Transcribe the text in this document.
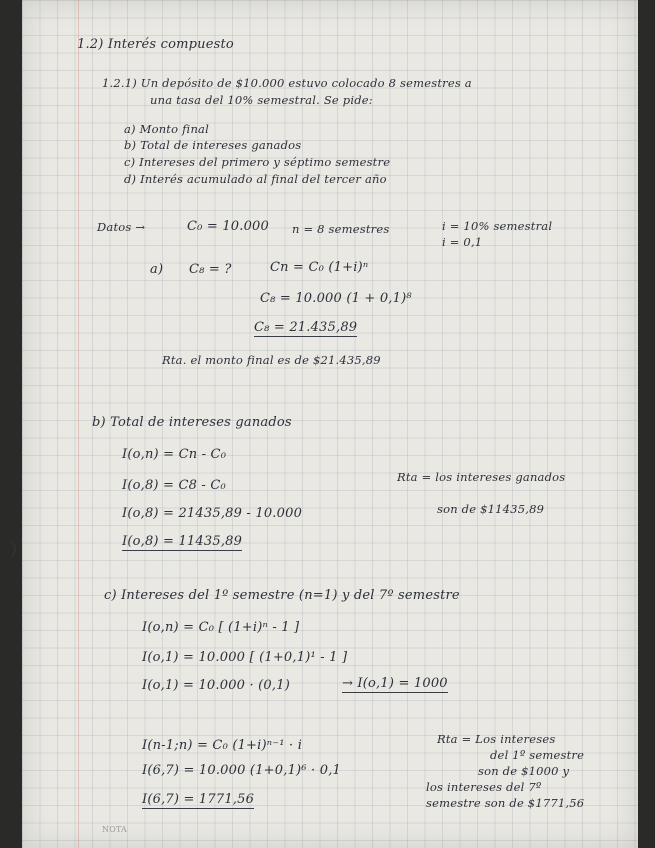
1.2) Interés compuesto
1.2.1) Un depósito de $10.000 estuvo colocado 8 semestres a
una tasa del 10% semestral. Se pide:
a) Monto final
b) Total de intereses ganados
c) Intereses del primero y séptimo semestre
d) Interés acumulado al final del tercer año
Datos →	C₀ = 10.000 n = 8 semestres	i = 10% semestral
i = 0,1
a) C₈ = ?	Cn = C₀ (1+i)ⁿ
C₈ = 10.000 (1 + 0,1)⁸
C₈ = 21.435,89
Rta. el monto final es de $21.435,89
b) Total de intereses ganados
I(o,n) = Cn - C₀
I(o,8) = C8 - C₀
I(o,8) = 21435,89 - 10.000
I(o,8) = 11435,89
Rta = los intereses ganados
son de $11435,89
c) Intereses del 1º semestre (n=1) y del 7º semestre
I(o,n) = C₀ [ (1+i)ⁿ - 1 ]
I(o,1) = 10.000 [ (1+0,1)¹ - 1 ]
I(o,1) = 10.000 · (0,1)	→ I(o,1) = 1000
I(n-1;n) = C₀ (1+i)ⁿ⁻¹ · i
I(6,7) = 10.000 (1+0,1)⁶ · 0,1
I(6,7) = 1771,56
Rta = Los intereses
del 1º semestre
son de $1000 y
los intereses del 7º
semestre son de $1771,56
NOTA
